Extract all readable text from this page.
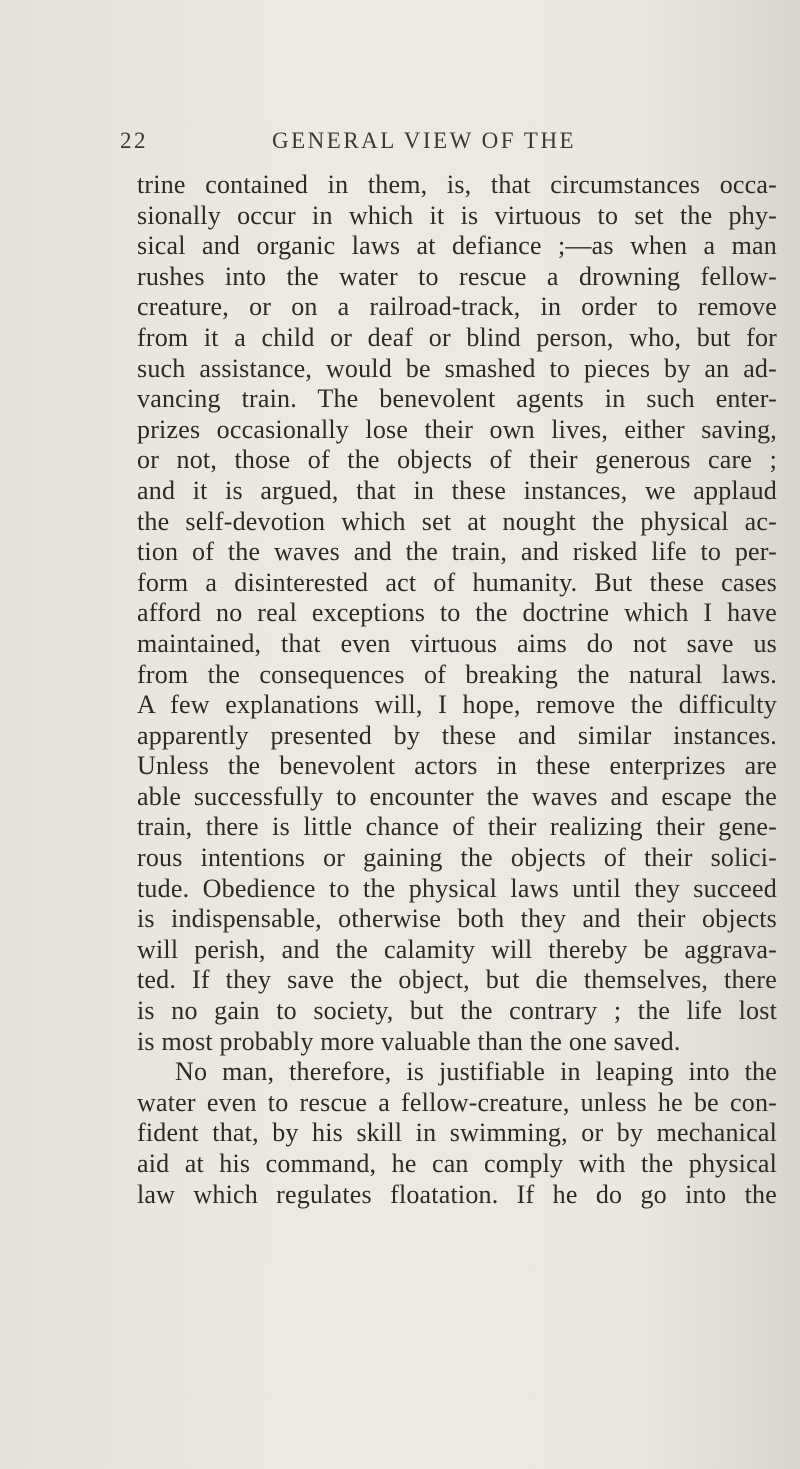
22	GENERAL VIEW OF THE
trine contained in them, is, that circumstances occa-
sionally occur in which it is virtuous to set the phy-
sical and organic laws at defiance ;—as when a man
rushes into the water to rescue a drowning fellow-
creature, or on a railroad-track, in order to remove
from it a child or deaf or blind person, who, but for
such assistance, would be smashed to pieces by an ad-
vancing train. The benevolent agents in such enter-
prizes occasionally lose their own lives, either saving,
or not, those of the objects of their generous care ;
and it is argued, that in these instances, we applaud
the self-devotion which set at nought the physical ac-
tion of the waves and the train, and risked life to per-
form a disinterested act of humanity. But these cases
afford no real exceptions to the doctrine which I have
maintained, that even virtuous aims do not save us
from the consequences of breaking the natural laws.
A few explanations will, I hope, remove the difficulty
apparently presented by these and similar instances.
Unless the benevolent actors in these enterprizes are
able successfully to encounter the waves and escape the
train, there is little chance of their realizing their gene-
rous intentions or gaining the objects of their solici-
tude. Obedience to the physical laws until they succeed
is indispensable, otherwise both they and their objects
will perish, and the calamity will thereby be aggrava-
ted. If they save the object, but die themselves, there
is no gain to society, but the contrary ; the life lost
is most probably more valuable than the one saved.
No man, therefore, is justifiable in leaping into the
water even to rescue a fellow-creature, unless he be con-
fident that, by his skill in swimming, or by mechanical
aid at his command, he can comply with the physical
law which regulates floatation. If he do go into the
